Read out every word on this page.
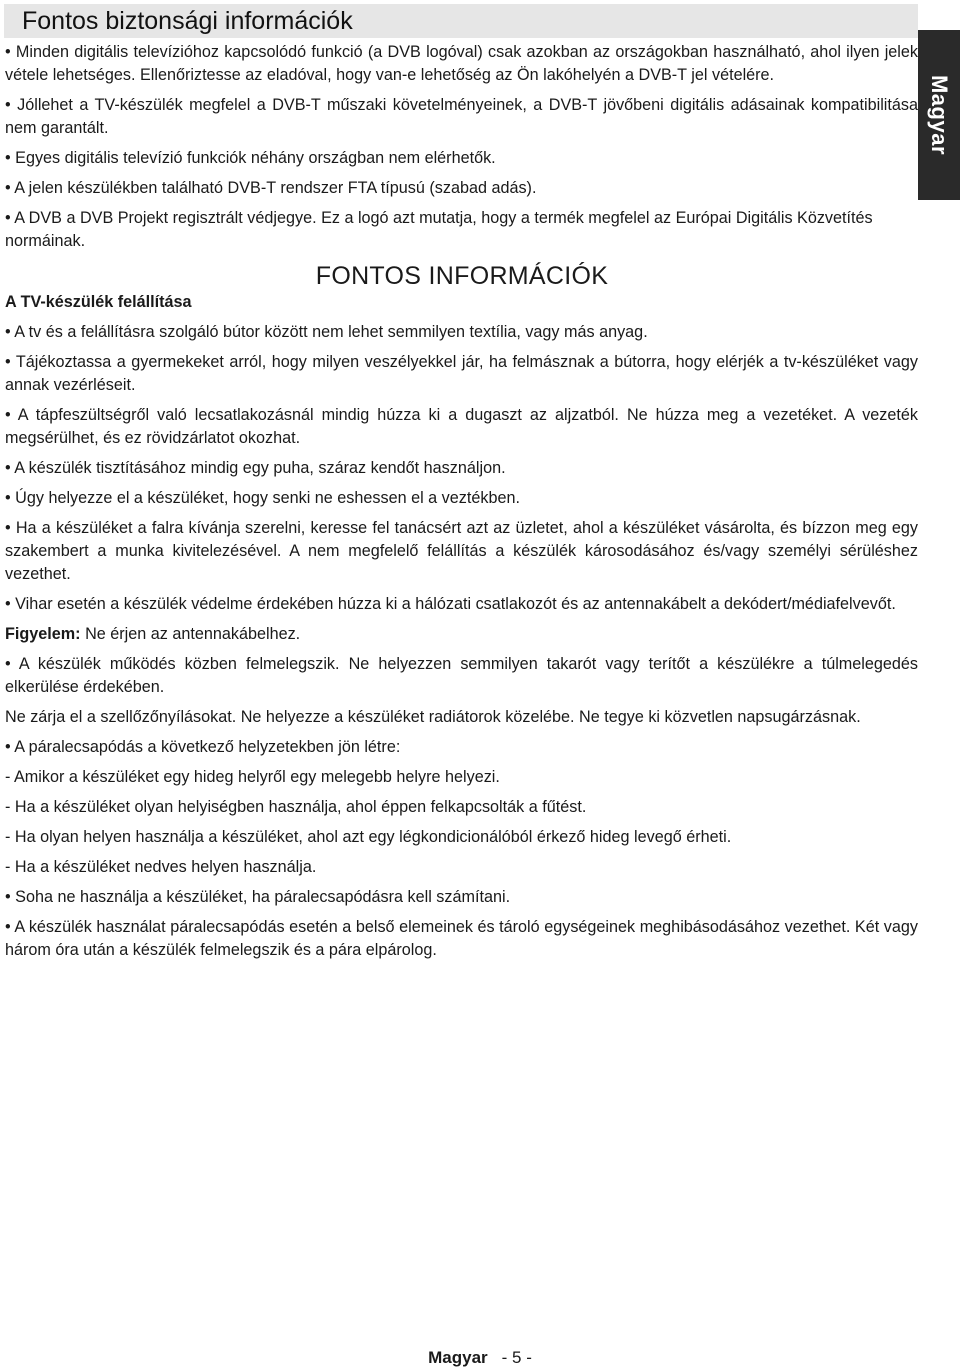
Fontos biztonsági információk
Magyar

• Minden digitális televízióhoz kapcsolódó funkció (a DVB logóval) csak azokban az országokban használható, ahol ilyen jelek vétele lehetséges. Ellenőriztesse az eladóval, hogy van-e lehetőség az Ön lakóhelyén a DVB-T jel vételére.

• Jóllehet a TV-készülék megfelel a DVB-T műszaki követelményeinek, a DVB-T jövőbeni digitális adásainak kompatibilitása nem garantált.

• Egyes digitális televízió funkciók néhány országban nem elérhetők.

• A jelen készülékben található DVB-T rendszer FTA típusú (szabad adás).

• A DVB a DVB Projekt regisztrált védjegye. Ez a logó azt mutatja, hogy a termék megfelel az Európai Digitális Közvetítés normáinak.

FONTOS INFORMÁCIÓK

A TV-készülék felállítása

• A tv és a felállításra szolgáló bútor között nem lehet semmilyen textília, vagy más anyag.

• Tájékoztassa a gyermekeket arról, hogy milyen veszélyekkel jár, ha felmásznak a bútorra, hogy elérjék a tv-készüléket vagy annak vezérléseit.

• A tápfeszültségről való lecsatlakozásnál mindig húzza ki a dugaszt az aljzatból. Ne húzza meg a vezetéket. A vezeték megsérülhet, és ez rövidzárlatot okozhat.

• A készülék tisztításához mindig egy puha, száraz kendőt használjon.

• Úgy helyezze el a készüléket, hogy senki ne eshessen el a veztékben.

• Ha a készüléket a falra kívánja szerelni, keresse fel tanácsért azt az üzletet, ahol a készüléket vásárolta, és bízzon meg egy szakembert a munka kivitelezésével. A nem megfelelő felállítás a készülék károsodásához és/vagy személyi sérüléshez vezethet.

• Vihar esetén a készülék védelme érdekében húzza ki a hálózati csatlakozót és az antennakábelt a dekódert/médiafelvevőt.

Figyelem: Ne érjen az antennakábelhez.

• A készülék működés közben felmelegszik. Ne helyezzen semmilyen takarót vagy terítőt a készülékre a túlmelegedés elkerülése érdekében.

Ne zárja el a szellőzőnyílásokat. Ne helyezze a készüléket radiátorok közelébe. Ne tegye ki közvetlen napsugárzásnak.

• A páralecsapódás a következő helyzetekben jön létre:

- Amikor a készüléket egy hideg helyről egy melegebb helyre helyezi.

- Ha a készüléket olyan helyiségben használja, ahol éppen felkapcsolták a fűtést.

- Ha olyan helyen használja a készüléket, ahol azt egy légkondicionálóból érkező hideg levegő érheti.

- Ha a készüléket nedves helyen használja.

• Soha ne használja a készüléket, ha páralecsapódásra kell számítani.

• A készülék használat páralecsapódás esetén a belső elemeinek és tároló egységeinek meghibásodásához vezethet. Két vagy három óra után a készülék felmelegszik és a pára elpárolog.

Magyar - 5 -
